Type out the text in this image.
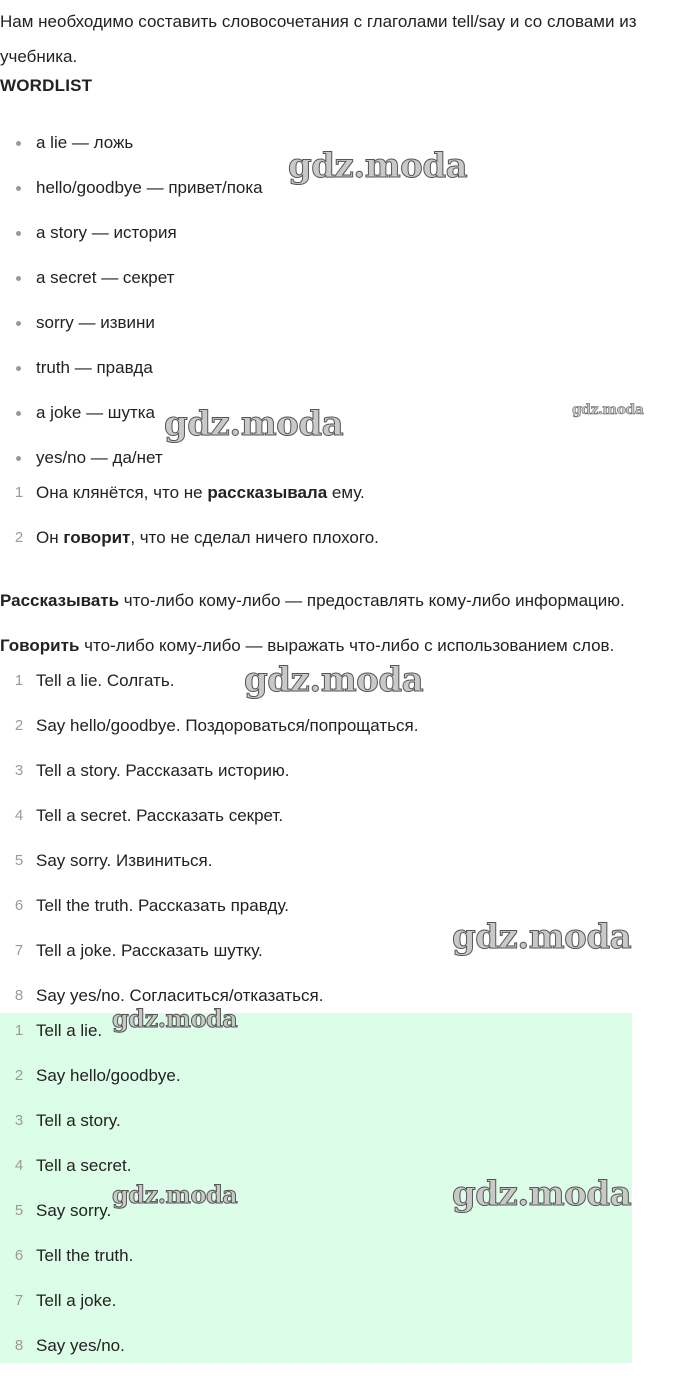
Нам необходимо составить словосочетания с глаголами tell/say и со словами из учебника.
WORDLIST
a lie — ложь
hello/goodbye — привет/пока
a story — история
a secret — секрет
sorry — извини
truth — правда
a joke — шутка
yes/no — да/нет
1 Она клянётся, что не рассказывала ему.
2 Он говорит, что не сделал ничего плохого.
Рассказывать что-либо кому-либо — предоставлять кому-либо информацию.
Говорить что-либо кому-либо — выражать что-либо с использованием слов.
1 Tell a lie. Солгать.
2 Say hello/goodbye. Поздороваться/попрощаться.
3 Tell a story. Рассказать историю.
4 Tell a secret. Рассказать секрет.
5 Say sorry. Извиниться.
6 Tell the truth. Рассказать правду.
7 Tell a joke. Рассказать шутку.
8 Say yes/no. Согласиться/отказаться.
1 Tell a lie.
2 Say hello/goodbye.
3 Tell a story.
4 Tell a secret.
5 Say sorry.
6 Tell the truth.
7 Tell a joke.
8 Say yes/no.
gdz.moda
gdz.moda	gdz.moda
gdz.moda
gdz.moda
gdz.moda
gdz.moda	gdz.moda
